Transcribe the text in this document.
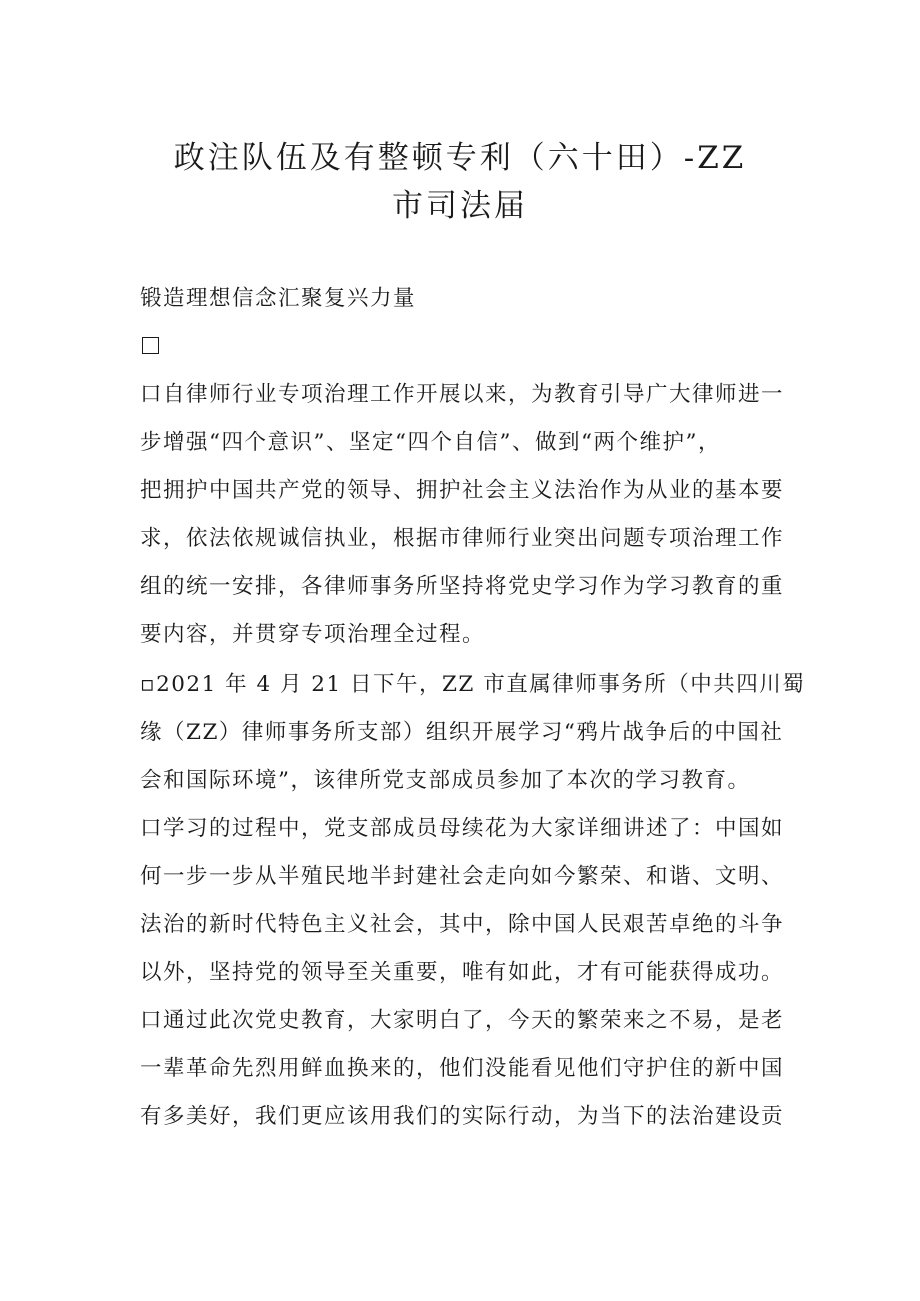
政注队伍及有整顿专利（六十田）-ZZ
市司法届
锻造理想信念汇聚复兴力量
口自律师行业专项治理工作开展以来，为教育引导广大律师进一
步增强“四个意识”、坚定“四个自信”、做到“两个维护”，
把拥护中国共产党的领导、拥护社会主义法治作为从业的基本要
求，依法依规诚信执业，根据市律师行业突出问题专项治理工作
组的统一安排，各律师事务所坚持将党史学习作为学习教育的重
要内容，并贯穿专项治理全过程。
▫2021 年 4 月 21 日下午，ZZ 市直属律师事务所（中共四川蜀
缘（ZZ）律师事务所支部）组织开展学习“鸦片战争后的中国社
会和国际环境”，该律所党支部成员参加了本次的学习教育。
口学习的过程中，党支部成员母续花为大家详细讲述了：中国如
何一步一步从半殖民地半封建社会走向如今繁荣、和谐、文明、
法治的新时代特色主义社会，其中，除中国人民艰苦卓绝的斗争
以外，坚持党的领导至关重要，唯有如此，才有可能获得成功。
口通过此次党史教育，大家明白了，今天的繁荣来之不易，是老
一辈革命先烈用鲜血换来的，他们没能看见他们守护住的新中国
有多美好，我们更应该用我们的实际行动，为当下的法治建设贡
